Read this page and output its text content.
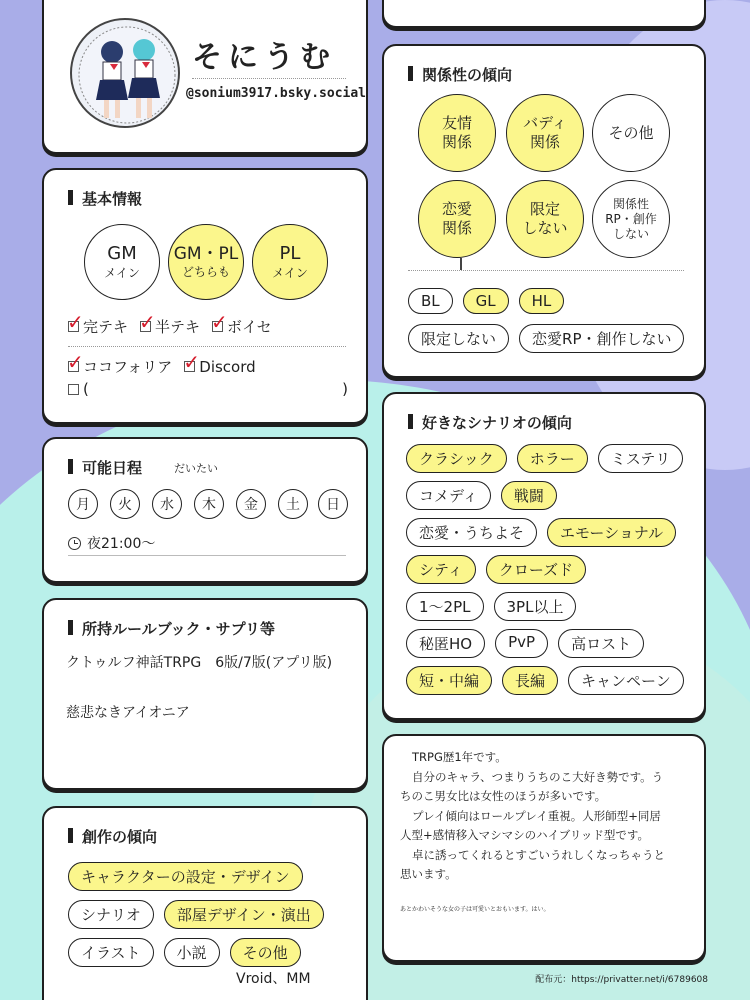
そにうむ
@sonium3917.bsky.social
基本情報
GM
メイン
GM・PL
どちらも
PL
メイン
✓ 完テキ ✓ 半テキ ✓ ボイセ
✓ ココフォリア ✓ Discord
(	)
可能日程	だいたい
月	火	水	木	金	土	日
夜21:00〜
所持ルールブック・サプリ等
クトゥルフ神話TRPG　6版/7版(アプリ版)
慈悲なきアイオニア
創作の傾向
キャラクターの設定・デザイン
シナリオ	部屋デザイン・演出
イラスト	小説	その他
Vroid、MM
関係性の傾向
友情
関係
バディ
関係
その他
恋愛
関係
限定
しない
関係性
RP・創作
しない
BL	GL	HL
限定しない	恋愛RP・創作しない
好きなシナリオの傾向
クラシック	ホラー	ミステリ
コメディ	戦闘
恋愛・うちよそ	エモーショナル
シティ	クローズド
1〜2PL	3PL以上
秘匿HO	PvP	高ロスト
短・中編	長編	キャンペーン
TRPG歴1年です。
自分のキャラ、つまりうちのこ大好き勢です。う
ちのこ男女比は女性のほうが多いです。
プレイ傾向はロールプレイ重視。人形師型+同居
人型+感情移入マシマシのハイブリッド型です。
卓に誘ってくれるとすごいうれしくなっちゃうと
思います。
あとかわいそうな女の子は可愛いとおもいます。はい。
配布元：https://privatter.net/i/6789608
